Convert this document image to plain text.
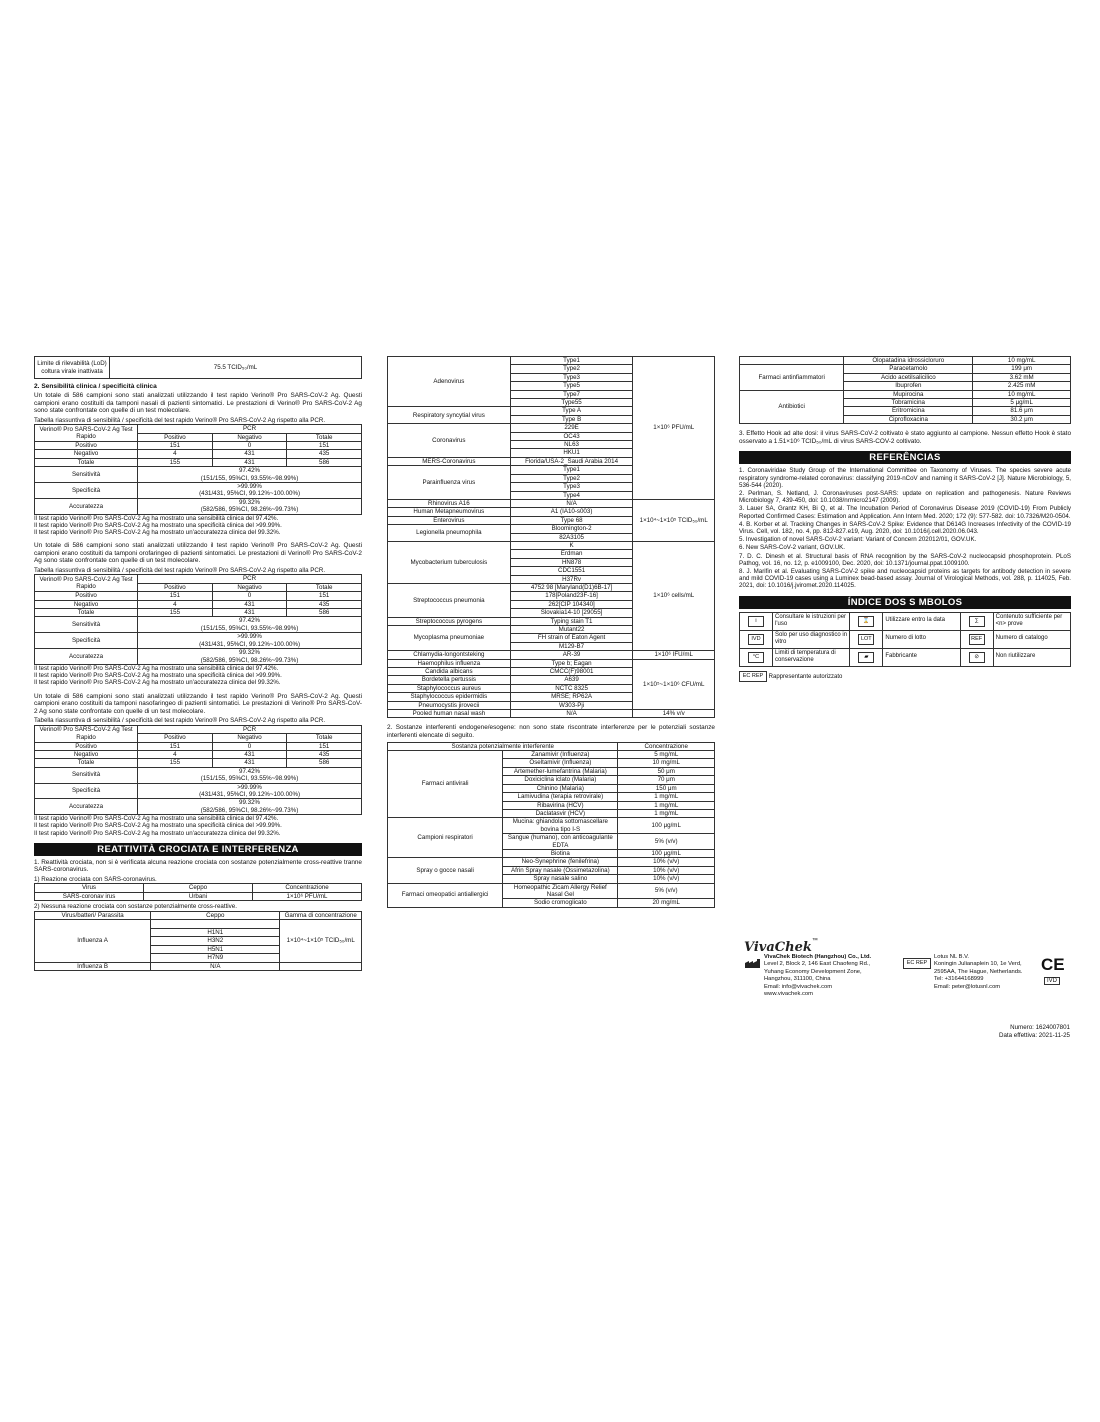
Limite di rilevabilità (LoD) coltura virale inattivata	75.5 TCID₅₀/mL
2. Sensibilità clinica / specificità clinica

Un totale di 586 campioni sono stati analizzati utilizzando il test rapido Verino® Pro SARS-CoV-2 Ag. Questi campioni erano costituiti da tamponi nasali di pazienti sintomatici. Le prestazioni di Verino® Pro SARS-CoV-2 Ag sono state confrontate con quelle di un test molecolare.

Tabella riassuntiva di sensibilità / specificità del test rapido Verino® Pro SARS-CoV-2 Ag rispetto alla PCR.

Verino® Pro SARS-CoV-2 Ag Test Rapido	PCR		
	Positivo	Negativo	Totale
Positivo	151	0	151
Negativo	4	431	435
Totale	155	431	586
Sensitività	97.42%
(151/155, 95%CI, 93.55%~98.99%)		

Specificità	>99.99%
(431/431, 95%CI, 99.12%~100.00%)		

Accuratezza	99.32%
(582/586, 95%CI, 98.26%~99.73%)		

Il test rapido Verino® Pro SARS-CoV-2 Ag ha mostrato una sensibilità clinica del 97.42%.

Il test rapido Verino® Pro SARS-CoV-2 Ag ha mostrato una specificità clinica del >99.99%.

Il test rapido Verino® Pro SARS-CoV-2 Ag ha mostrato un'accuratezza clinica del 99.32%.

Un totale di 586 campioni sono stati analizzati utilizzando il test rapido Verino® Pro SARS-CoV-2 Ag. Questi campioni erano costituiti da tamponi orofaringeo di pazienti sintomatici. Le prestazioni di Verino® Pro SARS-CoV-2 Ag sono state confrontate con quelle di un test molecolare.

Tabella riassuntiva di sensibilità / specificità del test rapido Verino® Pro SARS-CoV-2 Ag rispetto alla PCR.

Verino® Pro SARS-CoV-2 Ag Test Rapido	PCR		
	Positivo	Negativo	Totale
Positivo	151	0	151
Negativo	4	431	435
Totale	155	431	586
Sensitività	97.42%
(151/155, 95%CI, 93.55%~98.99%)		

Specificità	>99.99%
(431/431, 95%CI, 99.12%~100.00%)		

Accuratezza	99.32%
(582/586, 95%CI, 98.26%~99.73%)		

Il test rapido Verino® Pro SARS-CoV-2 Ag ha mostrato una sensibilità clinica del 97.42%.

Il test rapido Verino® Pro SARS-CoV-2 Ag ha mostrato una specificità clinica del >99.99%.

Il test rapido Verino® Pro SARS-CoV-2 Ag ha mostrato un'accuratezza clinica del 99.32%.

Un totale di 586 campioni sono stati analizzati utilizzando il test rapido Verino® Pro SARS-CoV-2 Ag. Questi campioni erano costituiti da tamponi nasofaringeo di pazienti sintomatici. Le prestazioni di Verino® Pro SARS-CoV-2 Ag sono state confrontate con quelle di un test molecolare.

Tabella riassuntiva di sensibilità / specificità del test rapido Verino® Pro SARS-CoV-2 Ag rispetto alla PCR.

Verino® Pro SARS-CoV-2 Ag Test Rapido	PCR		
	Positivo	Negativo	Totale
Positivo	151	0	151
Negativo	4	431	435
Totale	155	431	586
Sensitività	97.42%
(151/155, 95%CI, 93.55%~98.99%)		

Specificità	>99.99%
(431/431, 95%CI, 99.12%~100.00%)		

Accuratezza	99.32%
(582/586, 95%CI, 98.26%~99.73%)		

Il test rapido Verino® Pro SARS-CoV-2 Ag ha mostrato una sensibilità clinica del 97.42%.

Il test rapido Verino® Pro SARS-CoV-2 Ag ha mostrato una specificità clinica del >99.99%.

Il test rapido Verino® Pro SARS-CoV-2 Ag ha mostrato un'accuratezza clinica del 99.32%.

REATTIVITÀ CROCIATA E INTERFERENZA

1. Reattività crociata, non si è verificata alcuna reazione crociata con sostanze potenzialmente cross-reattive tranne SARS-coronavirus.

1) Reazione crociata con SARS-coronavirus.

Virus	Ceppo	Concentrazione
SARS-coronav irus	Urbani	1×10⁶ PFU/mL

2) Nessuna reazione crociata con sostanze potenzialmente cross-reattive.

Virus/batteri/ Parassita	Ceppo	Gamma di concentrazione
Influenza A		1×10⁴~1×10⁵ TCID₅₀/mL
	H1N1	
	H3N2	
	H5N1	
	H7N9	
Influenza B	N/A	
Adenovirus	Type1	1×10⁶ PFU/mL
	Type2	
	Type3	
	Type5	
	Type7	
	Type55	
Respiratory syncytial virus	Type A	
	Type B	
Coronavirus	229E	
	OC43	
	NL63	
	HKU1	
MERS-Coronavirus	Florida/USA-2_Saudi Arabia 2014	
Parainfluenza virus	Type1	
	Type2	
	Type3	
	Type4	
Rhinovirus A16	N/A	1×10⁴~1×10⁵ TCID₅₀/mL
Human Metapneumovirus	A1 (IA10-s003)	
Enterovirus	Type 68	
Legionella pneumophila	Bloomington-2	
	82A3105	
Mycobacterium tuberculosis	K	1×10⁶ cells/mL
	Erdman	
	HN878	
	CDC1551	
	H37Rv	
Streptococcus pneumonia	4752 98 [Maryland(D1)6B-17]	
	178[Poland23F-16]	
	262[CIP 104340]	
	Slovakia14-10 [29055]	
Streptococcus pyrogens	Typing stain T1	
Mycoplasma pneumoniae	Mutant22	
	FH strain of Eaton Agent	
	M129-B7	
Chlamydia-longontsteking	AR-39	1×10⁶ IFU/mL
Haemophilus influenza	Type b; Eagan	1×10⁵~1×10⁶ CFU/mL
Candida albicans	CMCC(F)98001	
Bordetella pertussis	A639	
Staphylococcus aureus	NCTC 8325	
Staphylococcus epidermidis	MRSE; RP62A	
Pneumocystis jirovecii	W303-Pji	
Pooled human nasal wash	N/A	14% v/v

2. Sostanze interferenti endogene/esogene: non sono state riscontrate interferenze per le potenziali sostanze interferenti elencate di seguito.

Sostanza potenzialmente interferente		Concentrazione
Farmaci antivirali	Zanamivir (Influenza)	5 mg/mL
	Oseltamivir (Influenza)	10 mg/mL
	Artemether-lumefantrina (Malaria)	50 μm
	Doxiciclina iclato (Malaria)	70 μm
	Chinino (Malaria)	150 μm
	Lamivudina (terapia retrovirale)	1 mg/mL
	Ribavirina (HCV)	1 mg/mL
	Daclatasvir (HCV)	1 mg/mL
Campioni respiratori	Mucina: ghiandola sottomascellare bovina tipo I-S	100 μg/mL
	Sangue (humano), con anticoagulante EDTA	5% (v/v)
	Biotina	100 μg/mL
Spray o gocce nasali	Neo-Synephrine (fenilefrina)	10% (v/v)
	Afrin Spray nasale (Ossimetazolina)	10% (v/v)
	Spray nasale salino	10% (v/v)
Farmaci omeopatici antiallergici	Homeopathic Zicam Allergy Relief Nasal Gel	5% (v/v)
	Sodio cromoglicato	20 mg/mL
	Olopatadina idrossicloruro	10 mg/mL
Farmaci antinfiammatori	Paracetamolo	199 μm
	Acido acetilsalicilico	3.62 mM
	Ibuprofen	2.425 mM
Antibiotici	Mupirocina	10 mg/mL
	Tobramicina	5 μg/mL
	Eritromicina	81.6 μm
	Ciprofloxacina	30.2 μm

3. Effetto Hook ad alte dosi: il virus SARS-CoV-2 coltivato è stato aggiunto al campione. Nessun effetto Hook è stato osservato a 1.51×10⁶ TCID₅₀/mL di virus SARS-COV-2 coltivato.

REFERÊNCIAS

1. Coronaviridae Study Group of the International Committee on Taxonomy of Viruses. The species severe acute respiratory syndrome-related coronavirus: classifying 2019-nCoV and naming it SARS-CoV-2 [J]. Nature Microbiology, 5, 536-544 (2020).

2. Perlman, S. Netland, J. Coronaviruses post-SARS: update on replication and pathogenesis. Nature Reviews Microbiology 7, 439-450, doi: 10.1038/nrmicro2147 (2009).

3. Lauer SA, Grantz KH, Bi Q, et al. The Incubation Period of Coronavirus Disease 2019 (COVID-19) From Publicly Reported Confirmed Cases: Estimation and Application. Ann Intern Med. 2020; 172 (9): 577-582. doi: 10.7326/M20-0504.

4. B. Korber et al. Tracking Changes in SARS-CoV-2 Spike: Evidence that D614G Increases Infectivity of the COVID-19 Virus. Cell, vol. 182, no. 4, pp. 812-827.e19, Aug. 2020, doi: 10.1016/j.cell.2020.06.043.

5. Investigation of novel SARS-CoV-2 variant: Variant of Concern 202012/01, GOV.UK.

6. New SARS-CoV-2 variant, GOV.UK.

7. D. C. Dinesh et al. Structural basis of RNA recognition by the SARS-CoV-2 nucleocapsid phosphoprotein. PLoS Pathog, vol. 16, no. 12, p. e1009100, Dec. 2020, doi: 10.1371/journal.ppat.1009100.

8. J. Marifin et al. Evaluating SARS-CoV-2 spike and nucleocapsid proteins as targets for antibody detection in severe and mild COVID-19 cases using a Luminex bead-based assay. Journal of Virological Methods, vol. 288, p. 114025, Feb. 2021, doi: 10.1016/j.jviromet.2020.114025.

ÍNDICE DOS S MBOLOS
i	Consultare le istruzioni per l'uso	⌛	Utilizzare entro la data	∑	Contenuto sufficiente per <n> prove
IVD	Solo per uso diagnostico in vitro	LOT	Numero di lotto	REF	Numero di catalogo
°C	Limiti di temperatura di conservazione	▰	Fabbricante	⊘	Non riutilizzare
EC REP Rappresentante autorizzato
VivaChek™
VivaChek Biotech (Hangzhou) Co., Ltd.
Level 2, Block 2, 146 East Chaofeng Rd.,
Yuhang Economy Development Zone,
Hangzhou, 311100, China
Email: info@vivachek.com
www.vivachek.com
EC REP
Lotus NL B.V.
Koningin Julianaplein 10, 1e Verd,
2595AA, The Hague, Netherlands.
Tel: +31644168999
Email: peter@lotusnl.com
CE
IVD
Numero: 1624007801
Data effettiva: 2021-11-25
